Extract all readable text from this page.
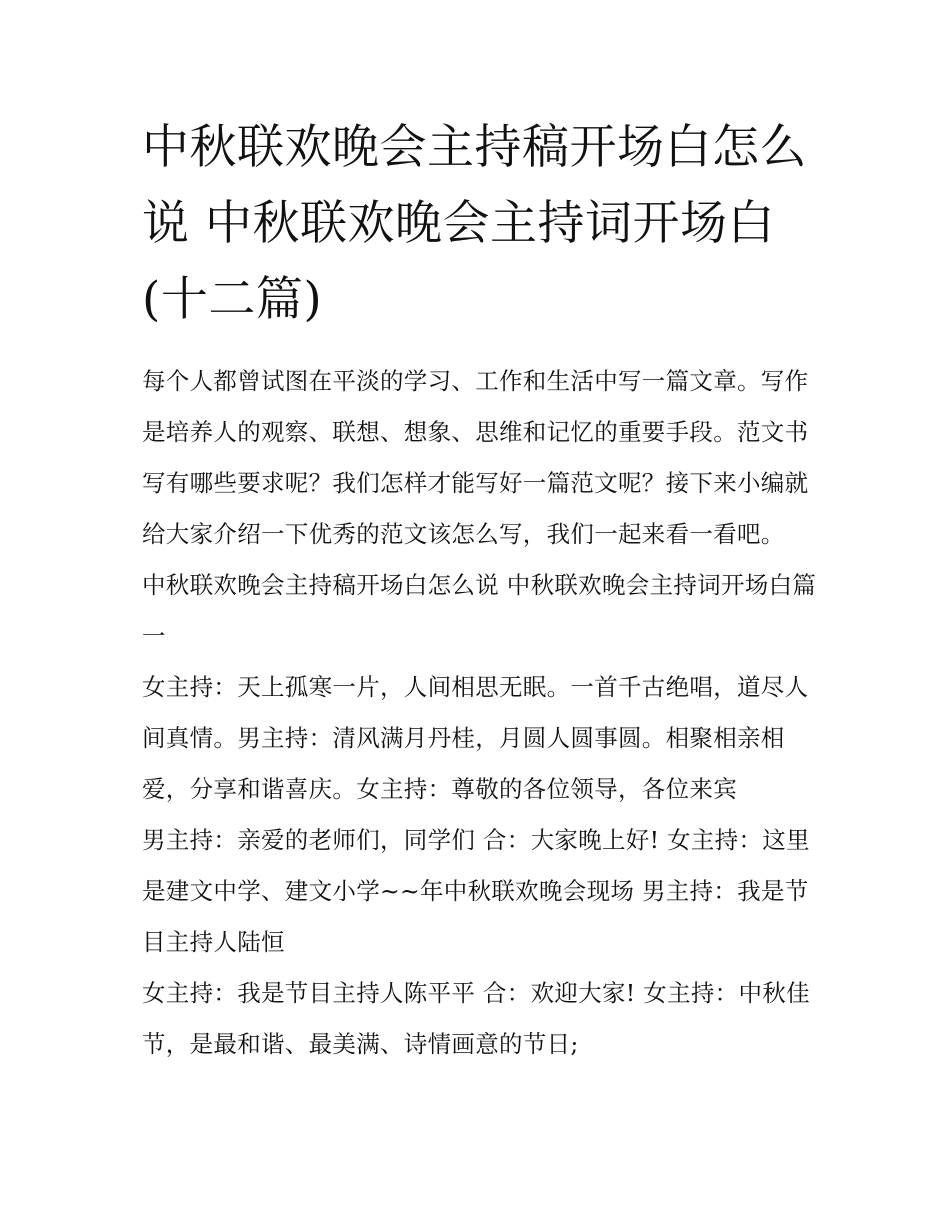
中秋联欢晚会主持稿开场白怎么说 中秋联欢晚会主持词开场白(十二篇)

每个人都曾试图在平淡的学习、工作和生活中写一篇文章。写作是培养人的观察、联想、想象、思维和记忆的重要手段。范文书写有哪些要求呢？我们怎样才能写好一篇范文呢？接下来小编就给大家介绍一下优秀的范文该怎么写，我们一起来看一看吧。

中秋联欢晚会主持稿开场白怎么说 中秋联欢晚会主持词开场白篇一

女主持：天上孤寒一片，人间相思无眠。一首千古绝唱，道尽人间真情。男主持：清风满月丹桂，月圆人圆事圆。相聚相亲相爱，分享和谐喜庆。女主持：尊敬的各位领导，各位来宾

男主持：亲爱的老师们，同学们 合：大家晚上好! 女主持：这里是建文中学、建文小学~~年中秋联欢晚会现场 男主持：我是节目主持人陆恒

女主持：我是节目主持人陈平平 合：欢迎大家! 女主持：中秋佳节，是最和谐、最美满、诗情画意的节日;
